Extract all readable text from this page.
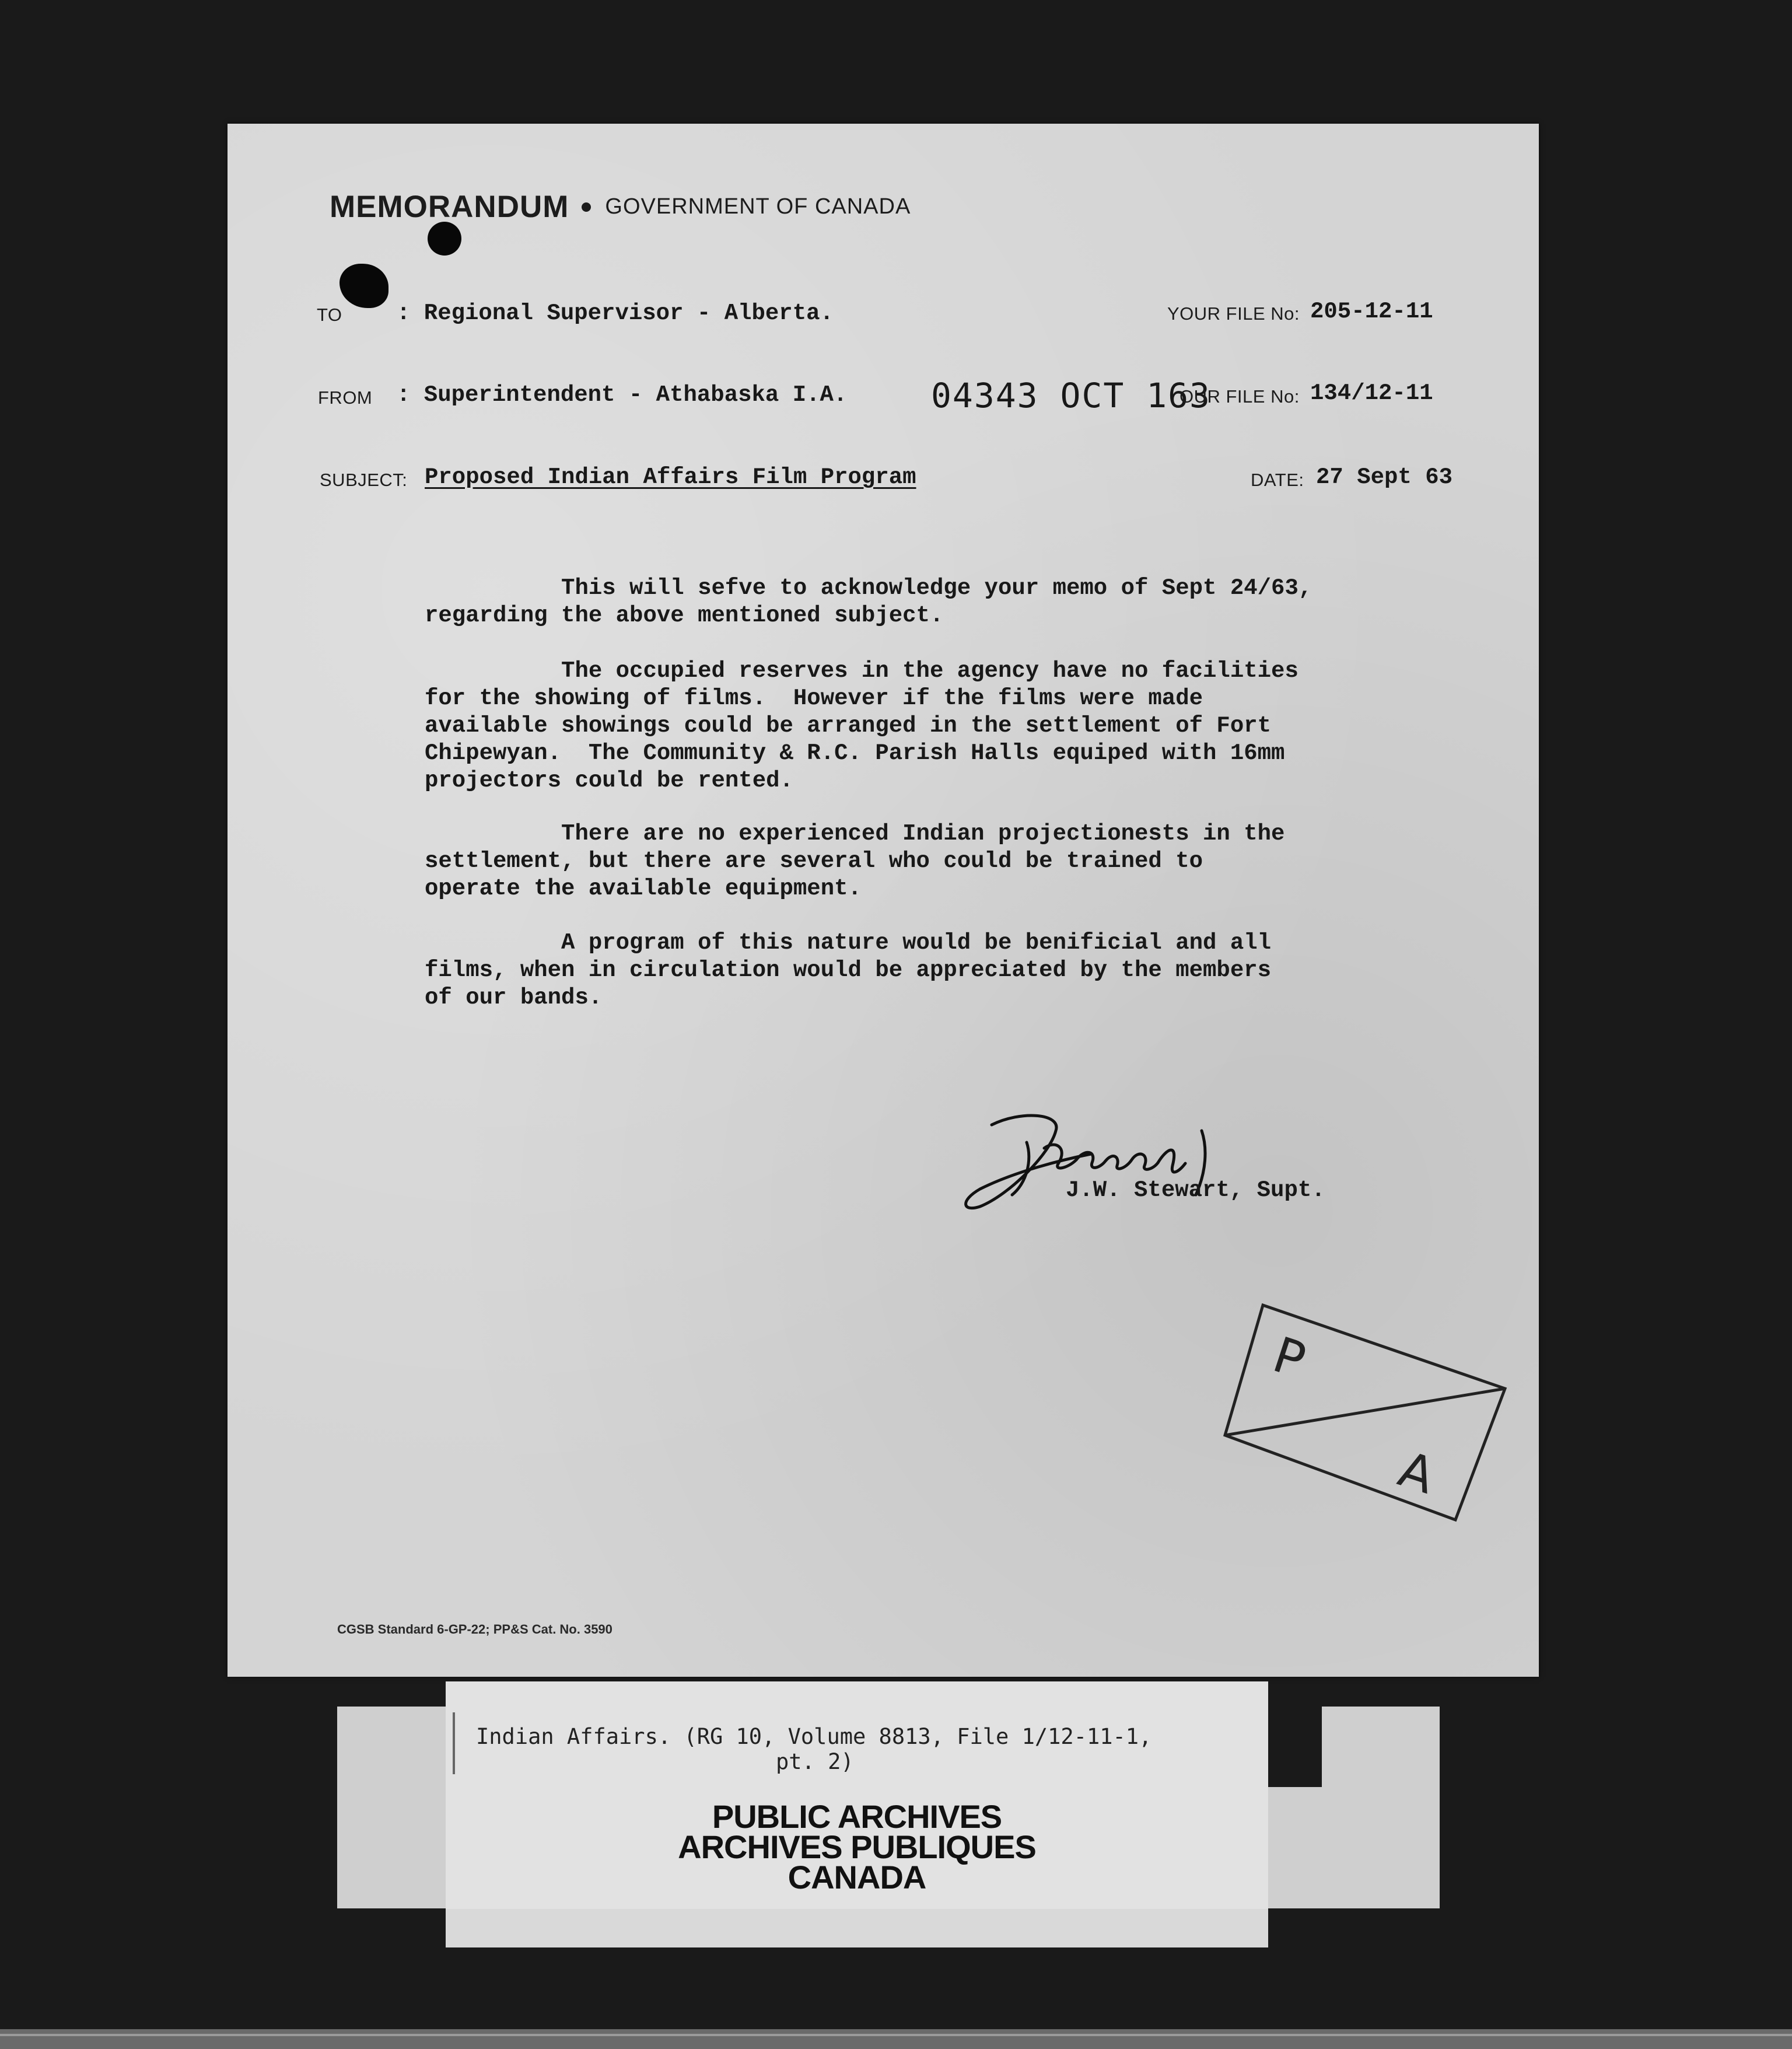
MEMORANDUM GOVERNMENT OF CANADA
TO : Regional Supervisor - Alberta.	YOUR FILE No: 205-12-11
FROM : Superintendent - Athabaska I.A. 04343 OCT 163
OUR FILE No: 134/12-11
SUBJECT: Proposed Indian Affairs Film Program	DATE: 27 Sept 63

This will sefve to acknowledge your memo of Sept 24/63,
regarding the above mentioned subject.

The occupied reserves in the agency have no facilities
for the showing of films.  However if the films were made
available showings could be arranged in the settlement of Fort
Chipewyan.  The Community & R.C. Parish Halls equiped with 16mm
projectors could be rented.

There are no experienced Indian projectionests in the
settlement, but there are several who could be trained to
operate the available equipment.

A program of this nature would be benificial and all
films, when in circulation would be appreciated by the members
of our bands.

J.W. Stewart, Supt.
P
A
CGSB Standard 6-GP-22; PP&S Cat. No. 3590
Indian Affairs. (RG 10, Volume 8813, File 1/12-11-1,
pt. 2)
PUBLIC ARCHIVES
ARCHIVES PUBLIQUES
CANADA
